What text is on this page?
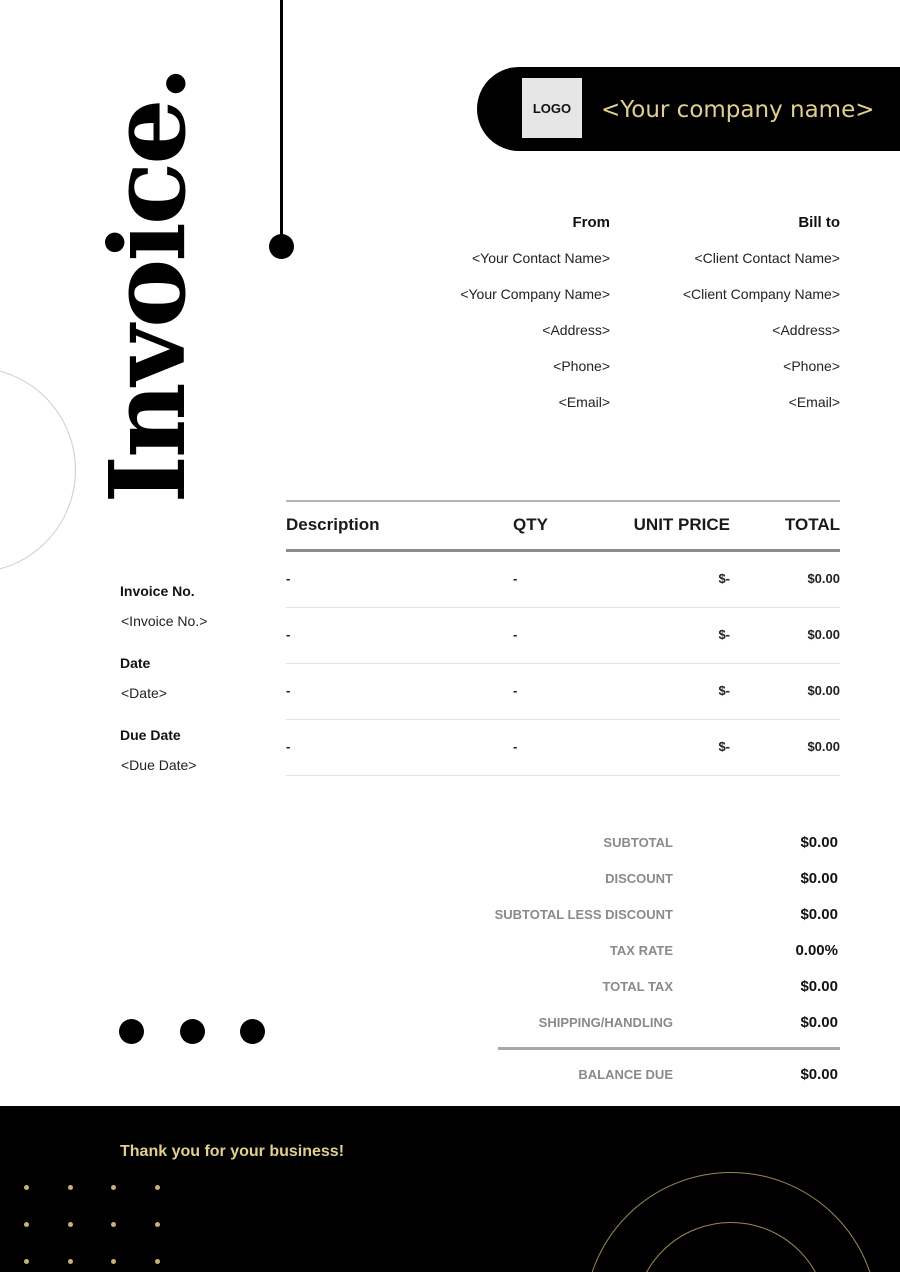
Invoice.	LOGO	<Your company name>
From
<Your Contact Name>
<Your Company Name>
<Address>
<Phone>
<Email>
Bill to
<Client Contact Name>
<Client Company Name>
<Address>
<Phone>
<Email>
Invoice No.
<Invoice No.>
Date
<Date>
Due Date
<Due Date>
Description	QTY	UNIT PRICE	TOTAL
-	-	$-	$0.00
-	-	$-	$0.00
-	-	$-	$0.00
-	-	$-	$0.00
SUBTOTAL	$0.00
DISCOUNT	$0.00
SUBTOTAL LESS DISCOUNT	$0.00
TAX RATE	0.00%
TOTAL TAX	$0.00
SHIPPING/HANDLING	$0.00
BALANCE DUE	$0.00
Thank you for your business!
